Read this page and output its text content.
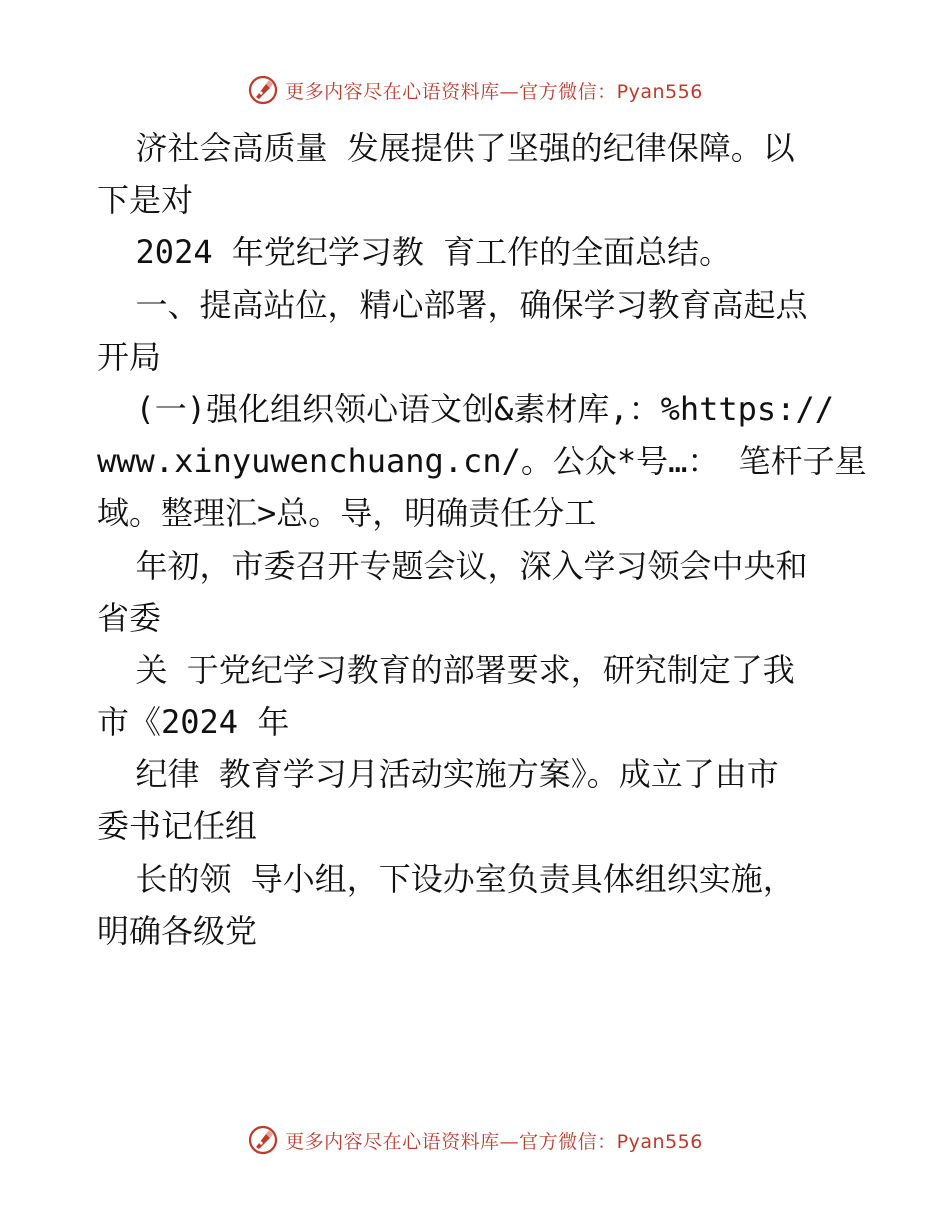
更多内容尽在心语资料库—官方微信：Pyan556
济社会高质量 发展提供了坚强的纪律保障。以
下是对
2024 年党纪学习教 育工作的全面总结。
一、提高站位，精心部署，确保学习教育高起点
开局
(一)强化组织领心语文创&素材库,：%https://
www.xinyuwenchuang.cn/。公众*号…： 笔杆子星
域。整理汇>总。导，明确责任分工
年初，市委召开专题会议，深入学习领会中央和
省委
关 于党纪学习教育的部署要求，研究制定了我
市《2024 年
纪律 教育学习月活动实施方案》。成立了由市
委书记任组
长的领 导小组，下设办室负责具体组织实施，
明确各级党
更多内容尽在心语资料库—官方微信：Pyan556
